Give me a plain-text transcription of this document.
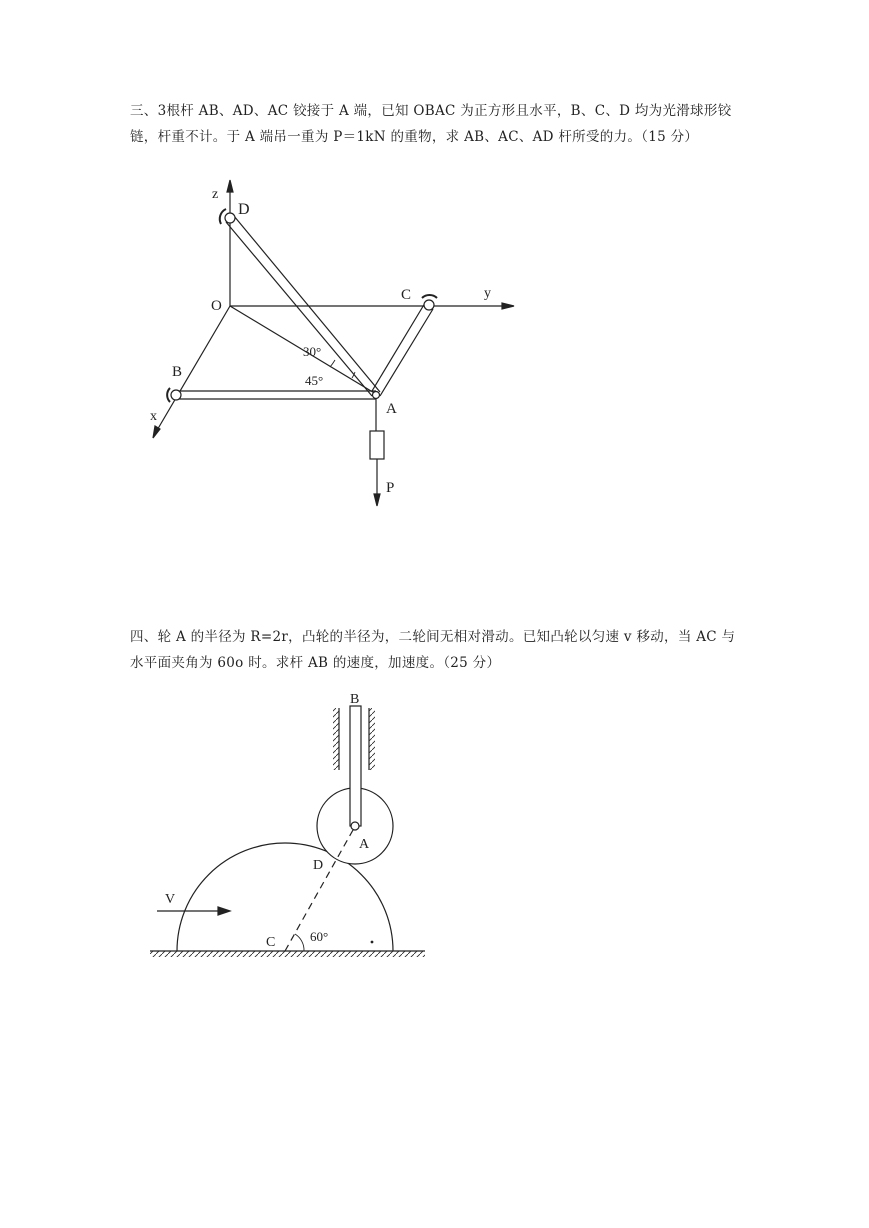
三、3根杆 AB、AD、AC 铰接于 A 端，已知 OBAC 为正方形且水平，B、C、D 均为光滑球形铰链，杆重不计。于 A 端吊一重为 P＝1kN 的重物，求 AB、AC、AD 杆所受的力。（15 分）

z
D
O
C	y
B
x	A
P
30°
45°

四、轮 A 的半径为 R=2r，凸轮的半径为，二轮间无相对滑动。已知凸轮以匀速 v 移动，当 AC 与水平面夹角为 60o 时。求杆 AB 的速度，加速度。（25 分）

B
A
D
V
C	60°
